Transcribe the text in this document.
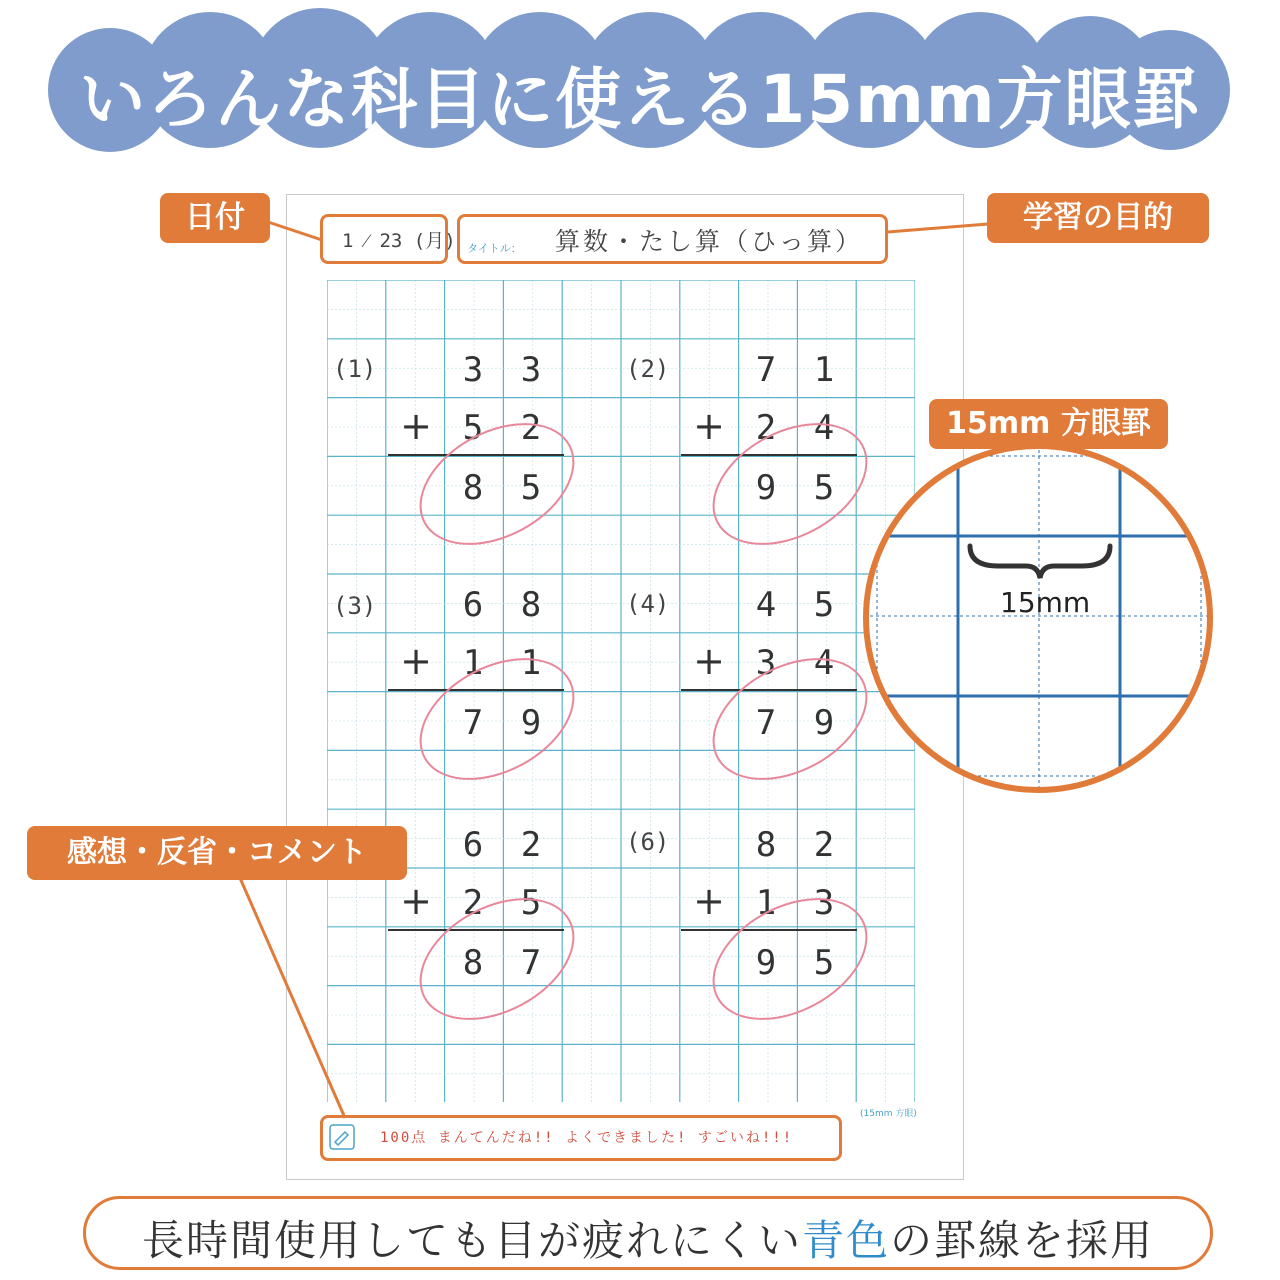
いろんな科目に使える15mm方眼罫
1 ⁄ 23 (月) タイトル： 算数・たし算（ひっ算）
(1)	3 3
+ 5 2
8 5
(2)	7 1
+ 2 4
9 5
(3)	6 8
+ 1 1
7 9
(4)	4 5
+ 3 4
7 9
6 2
+ 2 5
8 7
(6)	8 2
+ 1 3
9 5
100点 まんてんだね!! よくできました! すごいね!!!
(15mm 方眼)
15mm
日付	学習の目的
15mm 方眼罫
感想・反省・コメント
長時間使用しても目が疲れにくい青色の罫線を採用
